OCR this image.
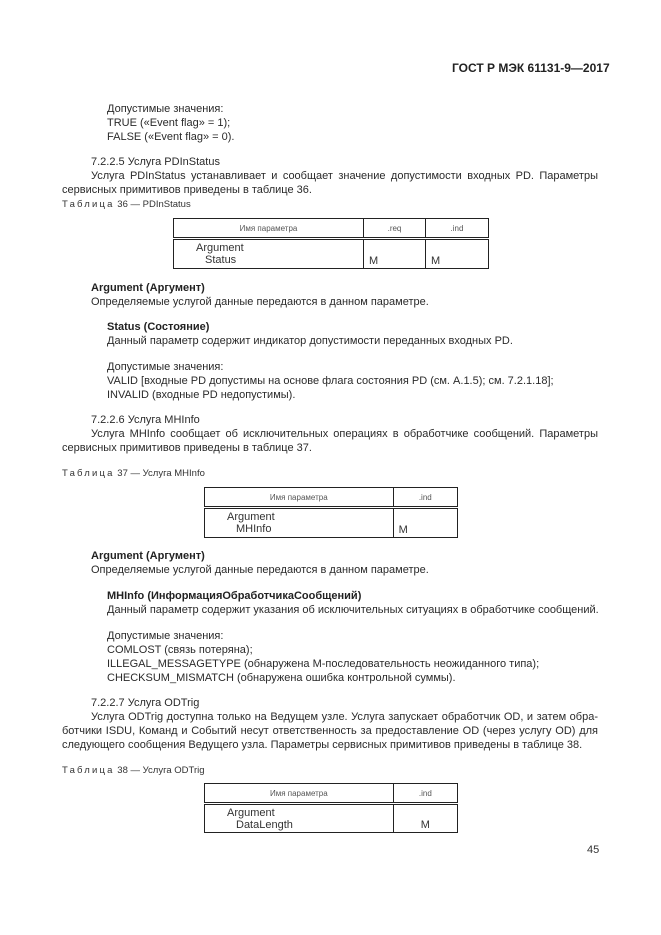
ГОСТ Р МЭК 61131-9—2017
Допустимые значения:
TRUE («Event flag» = 1);
FALSE («Event flag» = 0).
7.2.2.5 Услуга PDInStatus
Услуга PDInStatus устанавливает и сообщает значение допустимости входных PD. Параметры
сервисных примитивов приведены в таблице 36.
Таблица 36 — PDInStatus
Имя параметра	.req	.ind

Argument
Status	M	M
Argument (Аргумент)
Определяемые услугой данные передаются в данном параметре.
Status (Состояние)
Данный параметр содержит индикатор допустимости переданных входных PD.
Допустимые значения:
VALID [входные PD допустимы на основе флага состояния PD (см. А.1.5); см. 7.2.1.18];
INVALID (входные PD недопустимы).
7.2.2.6 Услуга MHInfo
Услуга MHInfo сообщает об исключительных операциях в обработчике сообщений. Параметры
сервисных примитивов приведены в таблице 37.
Таблица 37 — Услуга MHInfo
Имя параметра	.ind

Argument
MHInfo	M
Argument (Аргумент)
Определяемые услугой данные передаются в данном параметре.
MHInfo (ИнформацияОбработчикаСообщений)
Данный параметр содержит указания об исключительных ситуациях в обработчике сообщений.
Допустимые значения:
COMLOST (связь потеряна);
ILLEGAL_MESSAGETYPE (обнаружена М-последовательность неожиданного типа);
CHECKSUM_MISMATCH (обнаружена ошибка контрольной суммы).
7.2.2.7 Услуга ODTrig
Услуга ODTrig доступна только на Ведущем узле. Услуга запускает обработчик OD, и затем обра-
ботчики ISDU, Команд и Событий несут ответственность за предоставление OD (через услугу OD) для
следующего сообщения Ведущего узла. Параметры сервисных примитивов приведены в таблице 38.
Таблица 38 — Услуга ODTrig
Имя параметра	.ind

Argument
DataLength	M
45
